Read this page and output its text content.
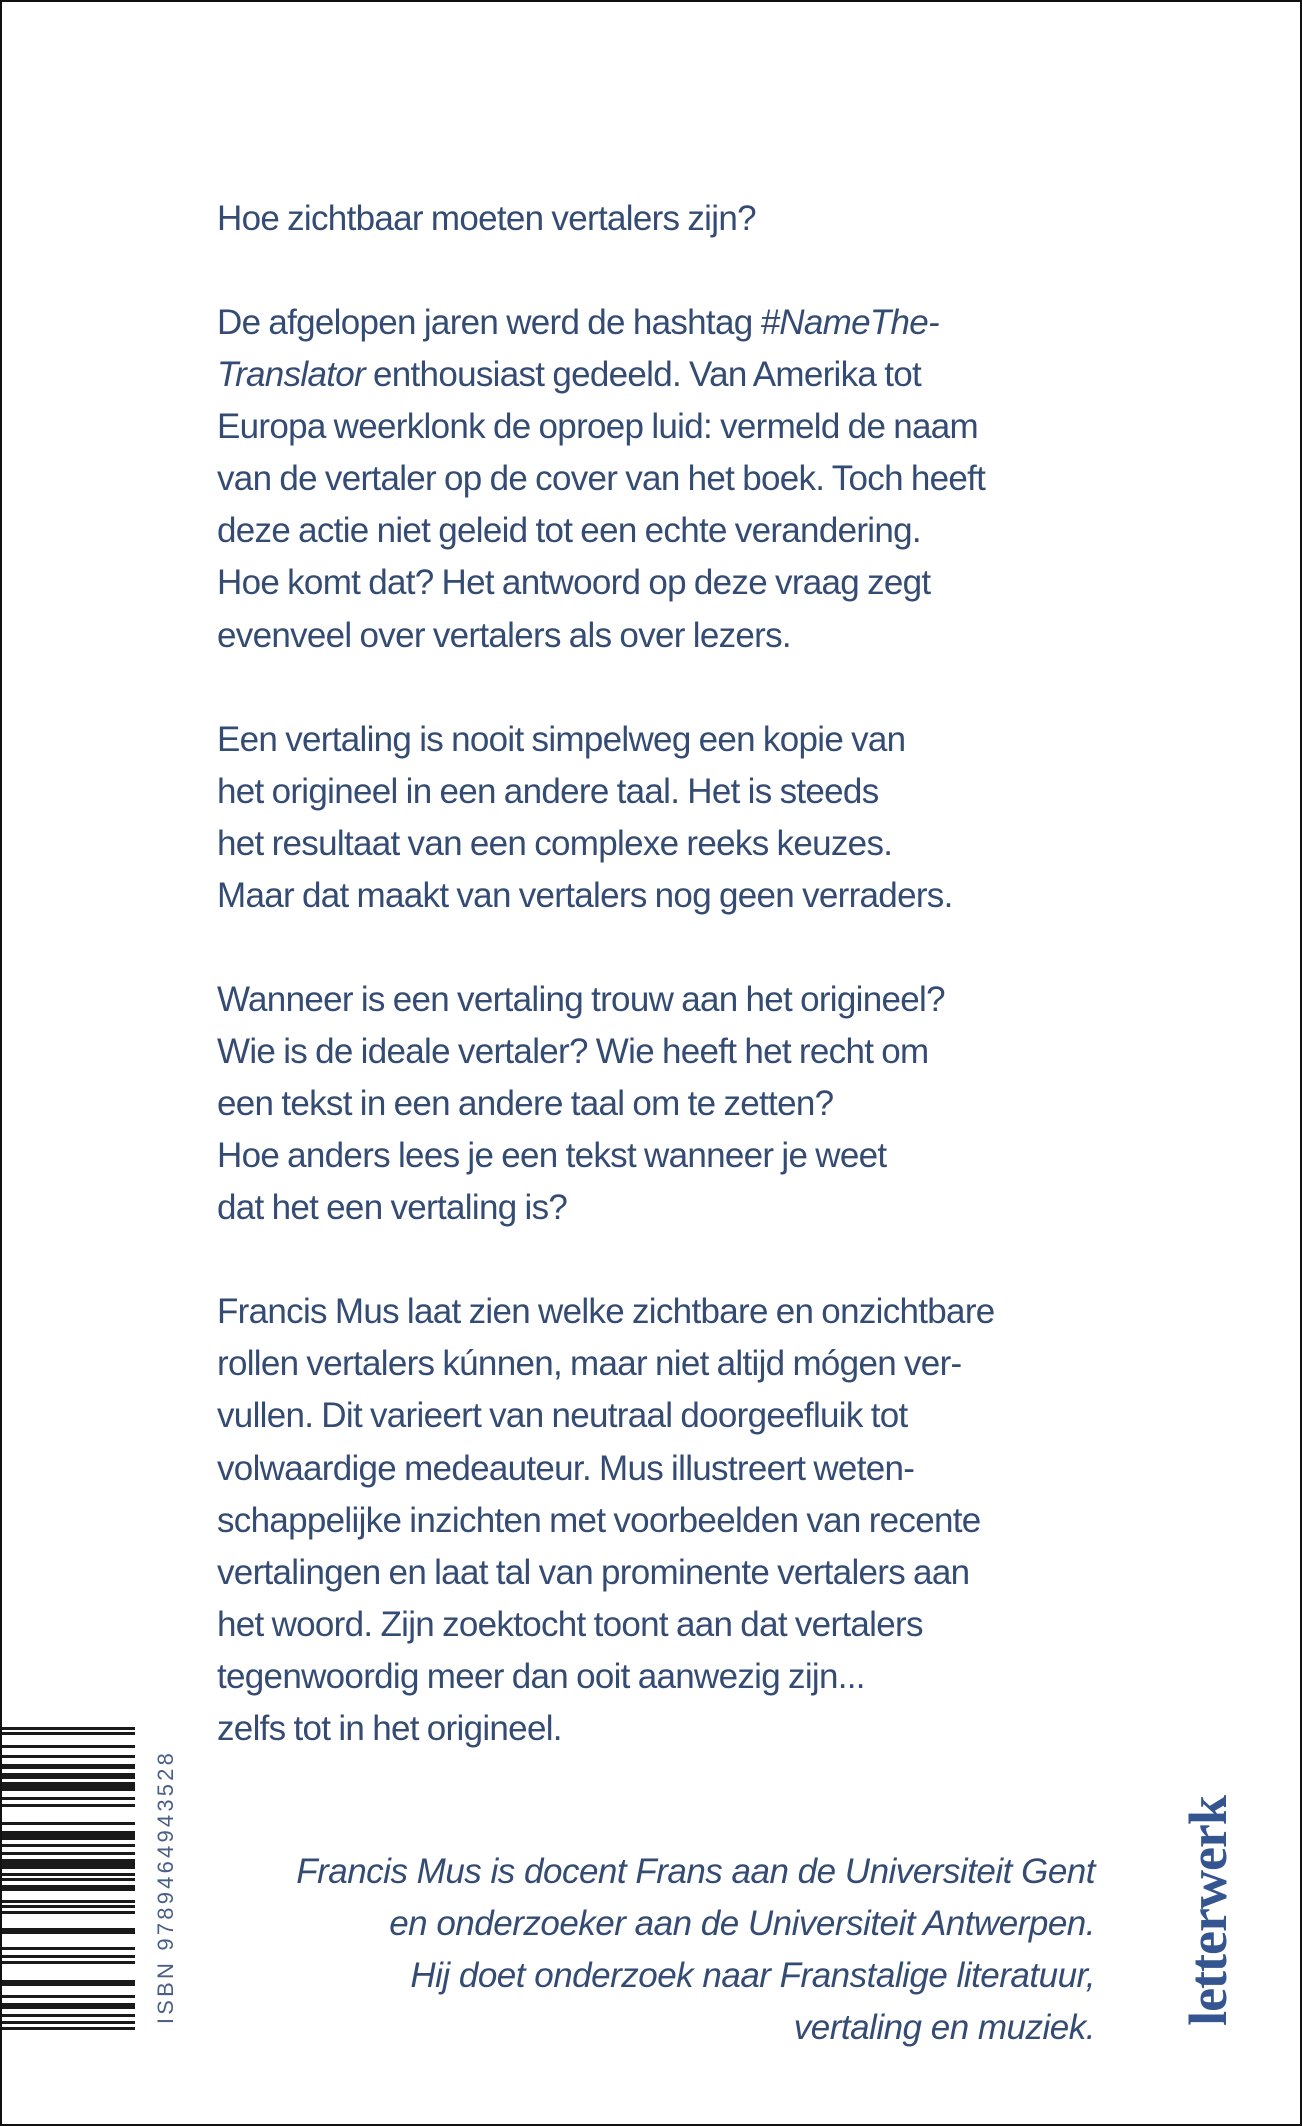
Hoe zichtbaar moeten vertalers zijn?
De afgelopen jaren werd de hashtag #NameThe-
Translator enthousiast gedeeld. Van Amerika tot
Europa weerklonk de oproep luid: vermeld de naam
van de vertaler op de cover van het boek. Toch heeft
deze actie niet geleid tot een echte verandering.
Hoe komt dat? Het antwoord op deze vraag zegt
evenveel over vertalers als over lezers.
Een vertaling is nooit simpelweg een kopie van
het origineel in een andere taal. Het is steeds
het resultaat van een complexe reeks keuzes.
Maar dat maakt van vertalers nog geen verraders.
Wanneer is een vertaling trouw aan het origineel?
Wie is de ideale vertaler? Wie heeft het recht om
een tekst in een andere taal om te zetten?
Hoe anders lees je een tekst wanneer je weet
dat het een vertaling is?
Francis Mus laat zien welke zichtbare en onzichtbare
rollen vertalers kúnnen, maar niet altijd mógen ver-
vullen. Dit varieert van neutraal doorgeefluik tot
volwaardige medeauteur. Mus illustreert weten-
schappelijke inzichten met voorbeelden van recente
vertalingen en laat tal van prominente vertalers aan
het woord. Zijn zoektocht toont aan dat vertalers
tegenwoordig meer dan ooit aanwezig zijn...
zelfs tot in het origineel.
ISBN 9789464943528	Francis Mus is docent Frans aan de Universiteit Gent
en onderzoeker aan de Universiteit Antwerpen.
Hij doet onderzoek naar Franstalige literatuur,
vertaling en muziek.
letterwerk
